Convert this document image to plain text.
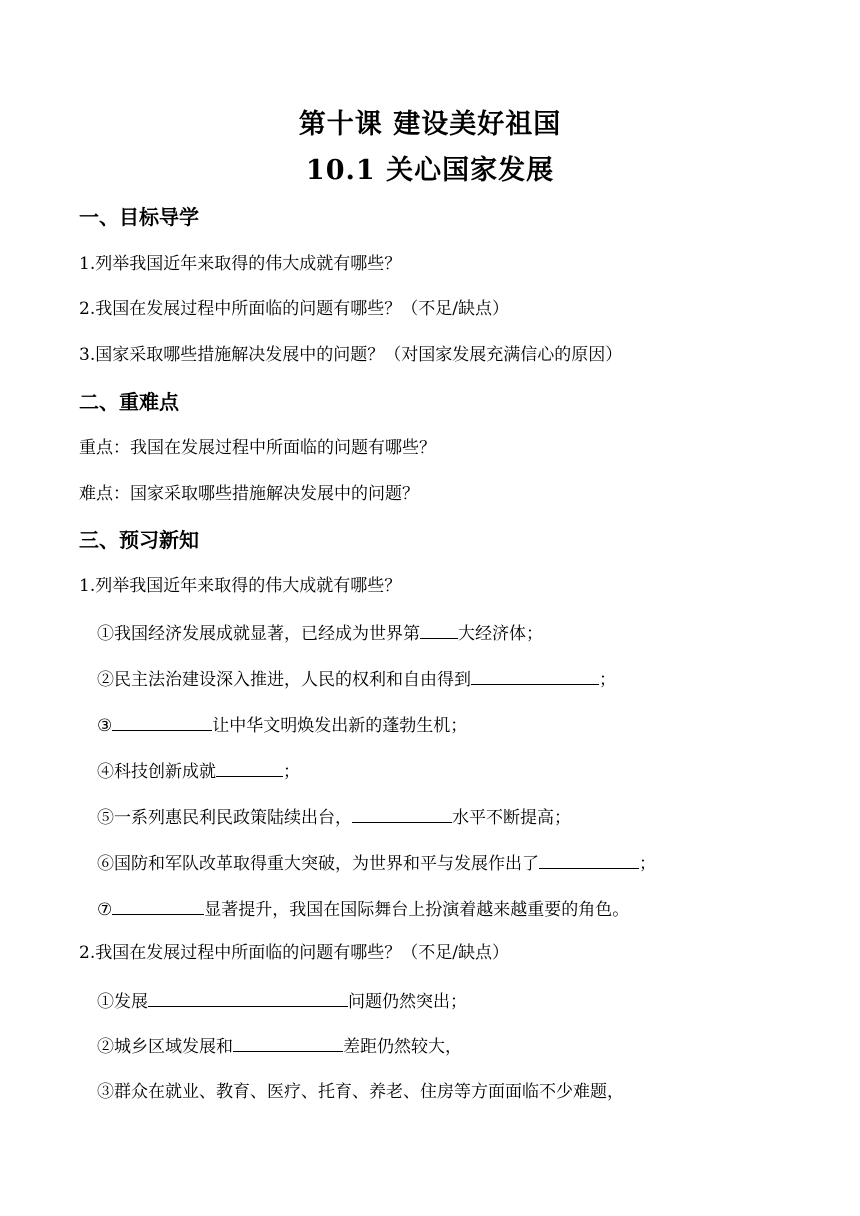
第十课 建设美好祖国
10.1 关心国家发展
一、目标导学
1.列举我国近年来取得的伟大成就有哪些？
2.我国在发展过程中所面临的问题有哪些？（不足/缺点）
3.国家采取哪些措施解决发展中的问题？（对国家发展充满信心的原因）
二、重难点
重点：我国在发展过程中所面临的问题有哪些？
难点：国家采取哪些措施解决发展中的问题？
三、预习新知
1.列举我国近年来取得的伟大成就有哪些？
①我国经济发展成就显著，已经成为世界第 大经济体；
②民主法治建设深入推进，人民的权利和自由得到	；
③	让中华文明焕发出新的蓬勃生机；
④科技创新成就	；
⑤一系列惠民利民政策陆续出台，	水平不断提高；
⑥国防和军队改革取得重大突破，为世界和平与发展作出了	；
⑦	显著提升，我国在国际舞台上扮演着越来越重要的角色。
2.我国在发展过程中所面临的问题有哪些？（不足/缺点）
①发展	问题仍然突出；
②城乡区域发展和	差距仍然较大，
③群众在就业、教育、医疗、托育、养老、住房等方面面临不少难题，
